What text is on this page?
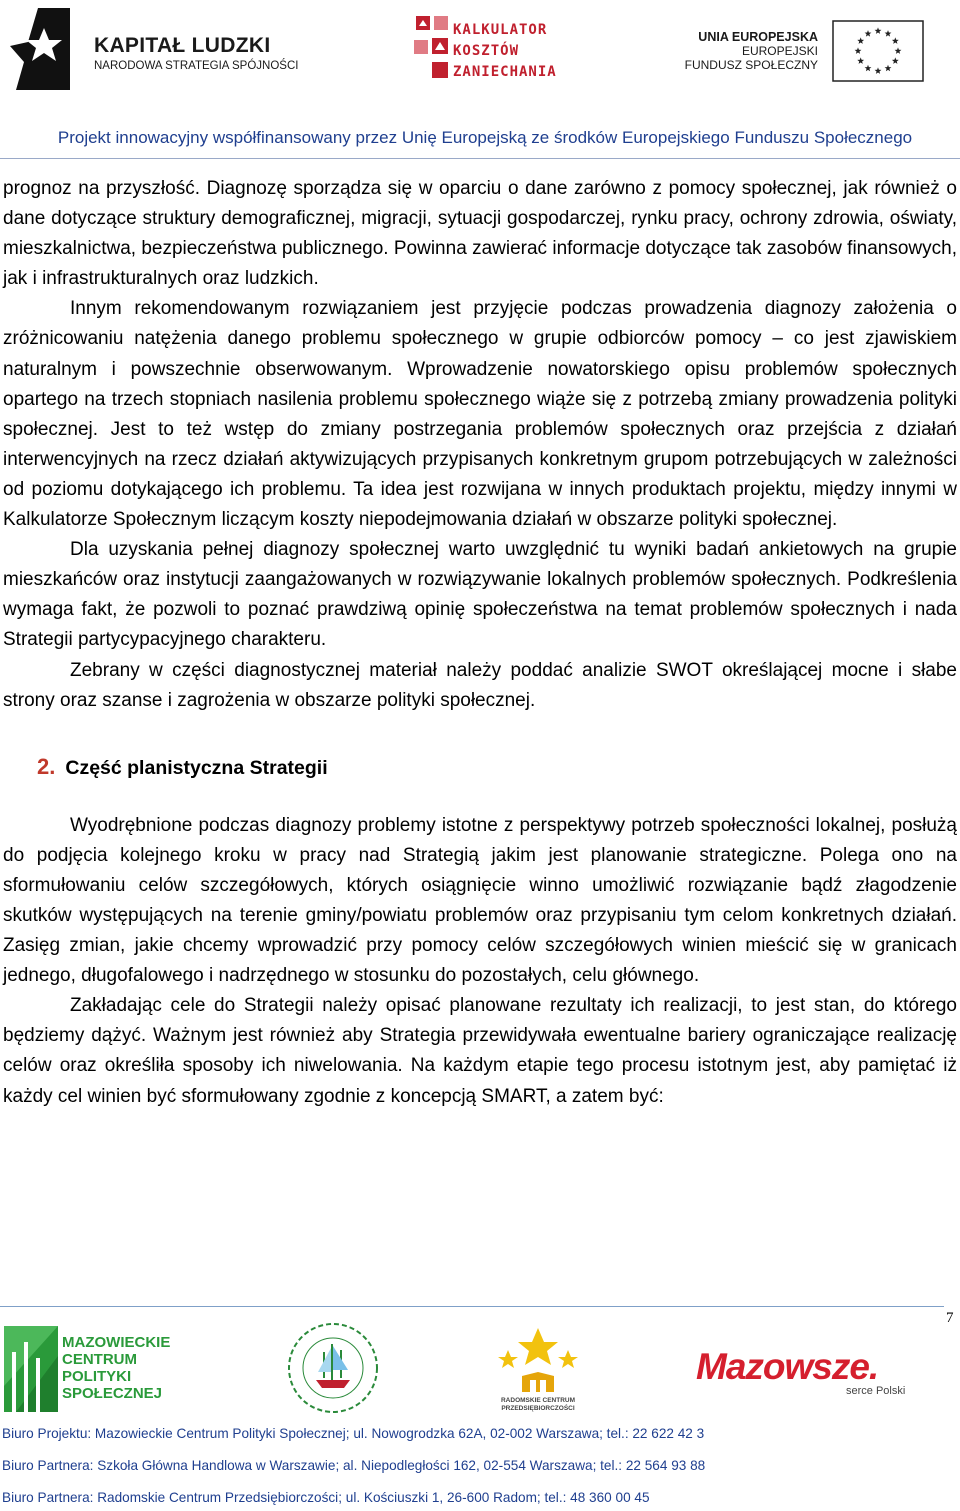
KAPITAŁ LUDZKI
NARODOWA STRATEGIA SPÓJNOŚCI
KALKULATOR
KOSZTÓW
ZANIECHANIA
UNIA EUROPEJSKA
EUROPEJSKI
FUNDUSZ SPOŁECZNY
Projekt innowacyjny współfinansowany przez Unię Europejską ze środków Europejskiego Funduszu Społecznego

prognoz na przyszłość. Diagnozę sporządza się w oparciu o dane zarówno z pomocy społecznej, jak również o dane dotyczące struktury demograficznej, migracji, sytuacji gospodarczej, rynku pracy, ochrony zdrowia, oświaty, mieszkalnictwa, bezpieczeństwa publicznego. Powinna zawierać informacje dotyczące tak zasobów finansowych, jak i infrastrukturalnych oraz ludzkich.

Innym rekomendowanym rozwiązaniem jest przyjęcie podczas prowadzenia diagnozy założenia o zróżnicowaniu natężenia danego problemu społecznego w grupie odbiorców pomocy – co jest zjawiskiem naturalnym i powszechnie obserwowanym. Wprowadzenie nowatorskiego opisu problemów społecznych opartego na trzech stopniach nasilenia problemu społecznego wiąże się z potrzebą zmiany prowadzenia polityki społecznej. Jest to też wstęp do zmiany postrzegania problemów społecznych oraz przejścia z działań interwencyjnych na rzecz działań aktywizujących przypisanych konkretnym grupom potrzebujących w zależności od poziomu dotykającego ich problemu. Ta idea jest rozwijana w innych produktach projektu, między innymi w Kalkulatorze Społecznym liczącym koszty niepodejmowania działań w obszarze polityki społecznej.

Dla uzyskania pełnej diagnozy społecznej warto uwzględnić tu wyniki badań ankietowych na grupie mieszkańców oraz instytucji zaangażowanych w rozwiązywanie lokalnych problemów społecznych. Podkreślenia wymaga fakt, że pozwoli to poznać prawdziwą opinię społeczeństwa na temat problemów społecznych i nada Strategii partycypacyjnego charakteru.

Zebrany w części diagnostycznej materiał należy poddać analizie SWOT określającej mocne i słabe strony oraz szanse i zagrożenia w obszarze polityki społecznej.

2. Część planistyczna Strategii

Wyodrębnione podczas diagnozy problemy istotne z perspektywy potrzeb społeczności lokalnej, posłużą do podjęcia kolejnego kroku w pracy nad Strategią jakim jest planowanie strategiczne. Polega ono na sformułowaniu celów szczegółowych, których osiągnięcie winno umożliwić rozwiązanie bądź złagodzenie skutków występujących na terenie gminy/powiatu problemów oraz przypisaniu tym celom konkretnych działań. Zasięg zmian, jakie chcemy wprowadzić przy pomocy celów szczegółowych winien mieścić się w granicach jednego, długofalowego i nadrzędnego w stosunku do pozostałych, celu głównego.

Zakładając cele do Strategii należy opisać planowane rezultaty ich realizacji, to jest stan, do którego będziemy dążyć. Ważnym jest również aby Strategia przewidywała ewentualne bariery ograniczające realizację celów oraz określiła sposoby ich niwelowania. Na każdym etapie tego procesu istotnym jest, aby pamiętać iż każdy cel winien być sformułowany zgodnie z koncepcją SMART, a zatem być:

7
MAZOWIECKIE
CENTRUM
POLITYKI
SPOŁECZNEJ	RADOMSKIE CENTRUM
PRZEDSIĘBIORCZOŚCI
Mazowsze.
serce Polski
Biuro Projektu: Mazowieckie Centrum Polityki Społecznej; ul. Nowogrodzka 62A, 02-002 Warszawa; tel.: 22 622 42 3
Biuro Partnera: Szkoła Główna Handlowa w Warszawie; al. Niepodległości 162, 02-554 Warszawa; tel.: 22 564 93 88
Biuro Partnera: Radomskie Centrum Przedsiębiorczości; ul. Kościuszki 1, 26-600 Radom; tel.: 48 360 00 45
